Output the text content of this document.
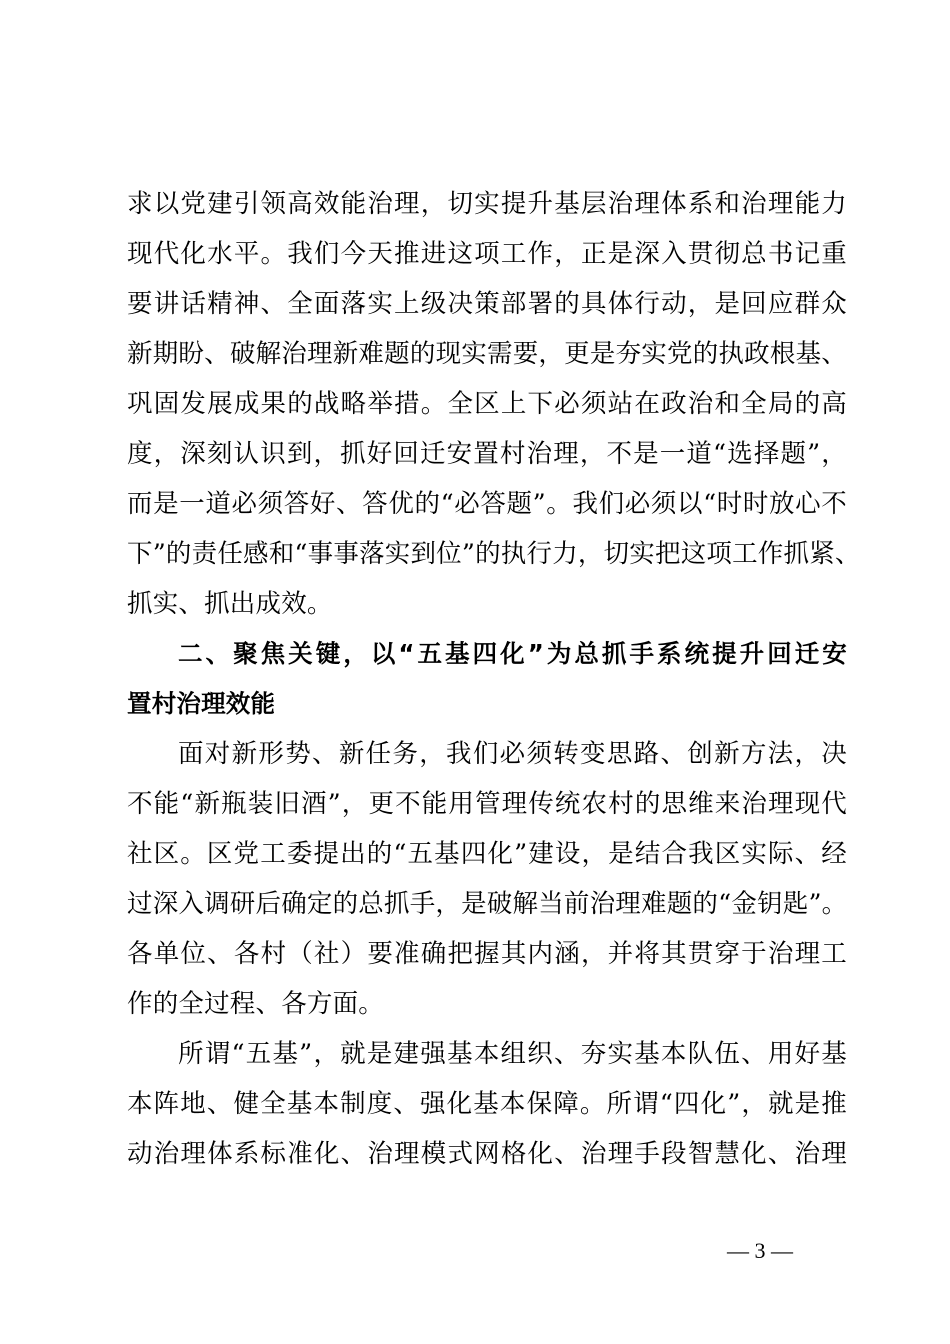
求以党建引领高效能治理，切实提升基层治理体系和治理能力
现代化水平。我们今天推进这项工作，正是深入贯彻总书记重
要讲话精神、全面落实上级决策部署的具体行动，是回应群众
新期盼、破解治理新难题的现实需要，更是夯实党的执政根基、
巩固发展成果的战略举措。全区上下必须站在政治和全局的高
度，深刻认识到，抓好回迁安置村治理，不是一道“选择题”，
而是一道必须答好、答优的“必答题”。我们必须以“时时放心不
下”的责任感和“事事落实到位”的执行力，切实把这项工作抓紧、
抓实、抓出成效。
二、聚焦关键，以“五基四化”为总抓手系统提升回迁安
置村治理效能
面对新形势、新任务，我们必须转变思路、创新方法，决
不能“新瓶装旧酒”，更不能用管理传统农村的思维来治理现代
社区。区党工委提出的“五基四化”建设，是结合我区实际、经
过深入调研后确定的总抓手，是破解当前治理难题的“金钥匙”。
各单位、各村（社）要准确把握其内涵，并将其贯穿于治理工
作的全过程、各方面。
所谓“五基”，就是建强基本组织、夯实基本队伍、用好基
本阵地、健全基本制度、强化基本保障。所谓“四化”，就是推
动治理体系标准化、治理模式网格化、治理手段智慧化、治理
— 3 —
